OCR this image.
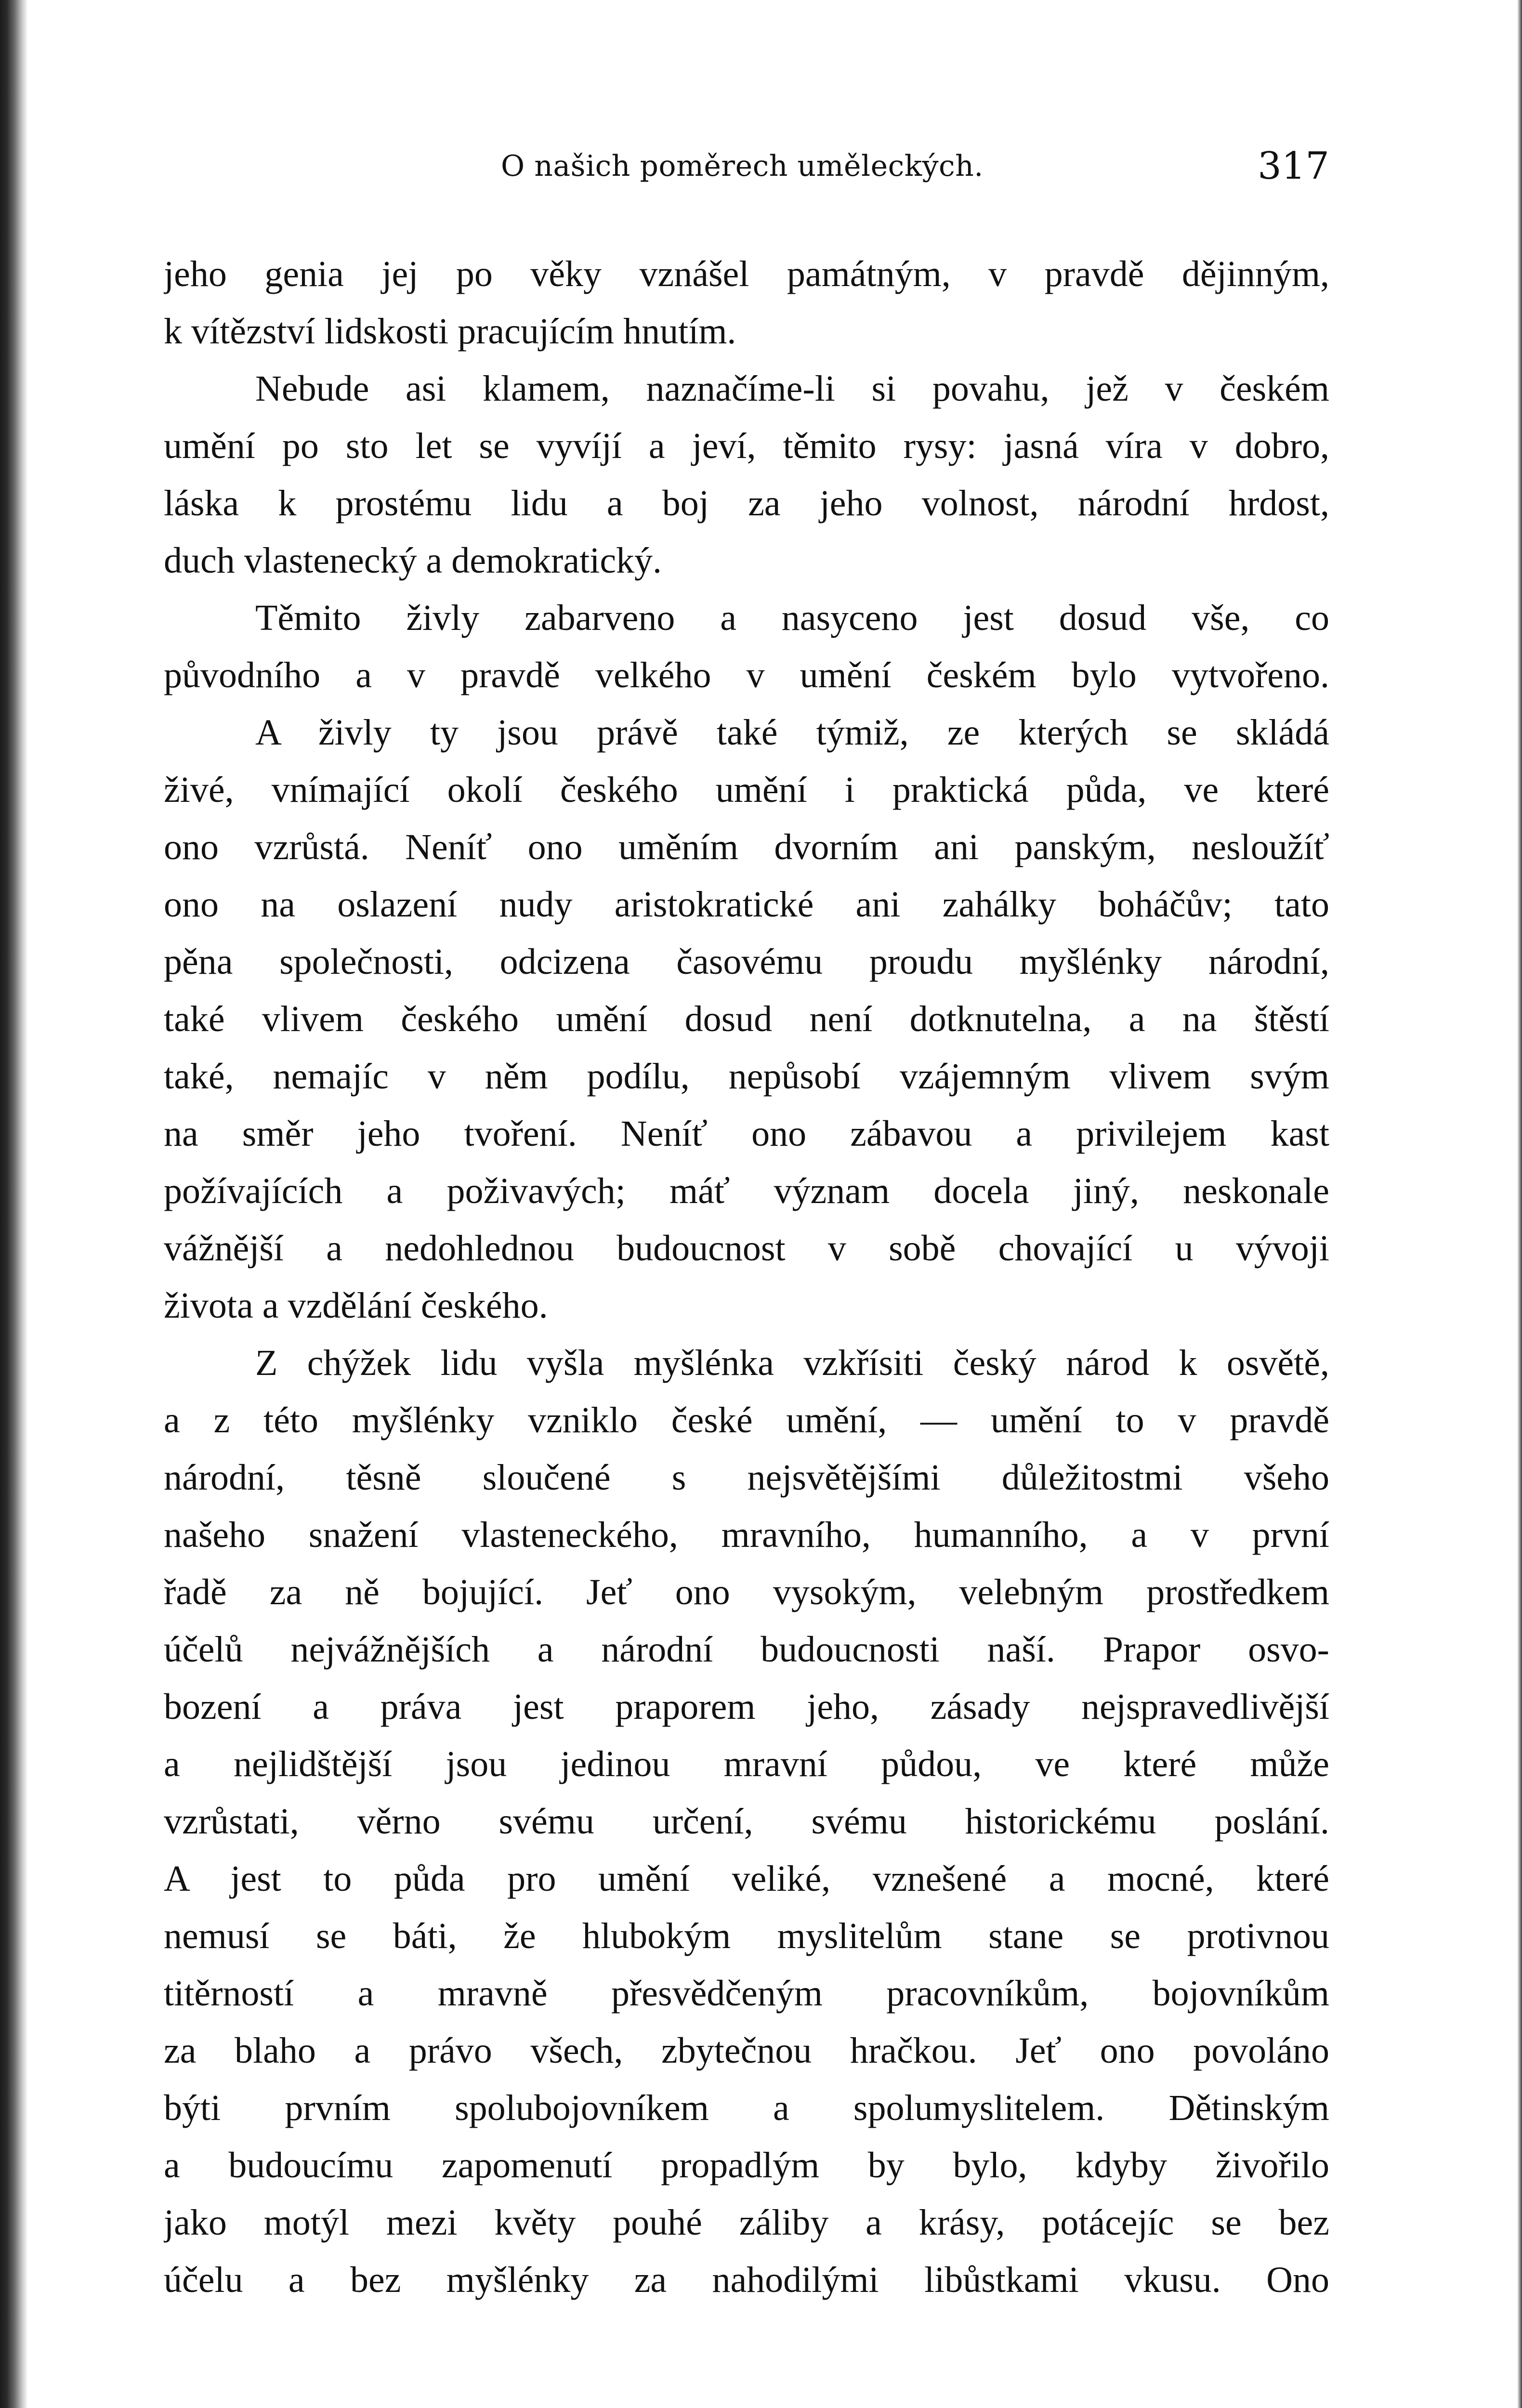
O našich poměrech uměleckých.	317
jeho genia jej po věky vznášel památným, v pravdě dějinným,
k vítězství lidskosti pracujícím hnutím.
Nebude asi klamem, naznačíme-li si povahu, jež v českém
umění po sto let se vyvíjí a jeví, těmito rysy: jasná víra v dobro,
láska k prostému lidu a boj za jeho volnost, národní hrdost,
duch vlastenecký a demokratický.
Těmito živly zabarveno a nasyceno jest dosud vše, co
původního a v pravdě velkého v umění českém bylo vytvořeno.
A živly ty jsou právě také týmiž, ze kterých se skládá
živé, vnímající okolí českého umění i praktická půda, ve které
ono vzrůstá. Neníť ono uměním dvorním ani panským, nesloužíť
ono na oslazení nudy aristokratické ani zahálky boháčův; tato
pěna společnosti, odcizena časovému proudu myšlénky národní,
také vlivem českého umění dosud není dotknutelna, a na štěstí
také, nemajíc v něm podílu, nepůsobí vzájemným vlivem svým
na směr jeho tvoření. Neníť ono zábavou a privilejem kast
požívajících a poživavých; máť význam docela jiný, neskonale
vážnější a nedohlednou budoucnost v sobě chovající u vývoji
života a vzdělání českého.
Z chýžek lidu vyšla myšlénka vzkřísiti český národ k osvětě,
a z této myšlénky vzniklo české umění, — umění to v pravdě
národní, těsně sloučené s nejsvětějšími důležitostmi všeho
našeho snažení vlasteneckého, mravního, humanního, a v první
řadě za ně bojující. Jeť ono vysokým, velebným prostředkem
účelů nejvážnějších a národní budoucnosti naší. Prapor osvo-
bození a práva jest praporem jeho, zásady nejspravedlivější
a nejlidštější jsou jedinou mravní půdou, ve které může
vzrůstati, věrno svému určení, svému historickému poslání.
A jest to půda pro umění veliké, vznešené a mocné, které
nemusí se báti, že hlubokým myslitelům stane se protivnou
titěrností a mravně přesvědčeným pracovníkům, bojovníkům
za blaho a právo všech, zbytečnou hračkou. Jeť ono povoláno
býti prvním spolubojovníkem a spolumyslitelem. Dětinským
a budoucímu zapomenutí propadlým by bylo, kdyby živořilo
jako motýl mezi květy pouhé záliby a krásy, potácejíc se bez
účelu a bez myšlénky za nahodilými libůstkami vkusu. Ono
